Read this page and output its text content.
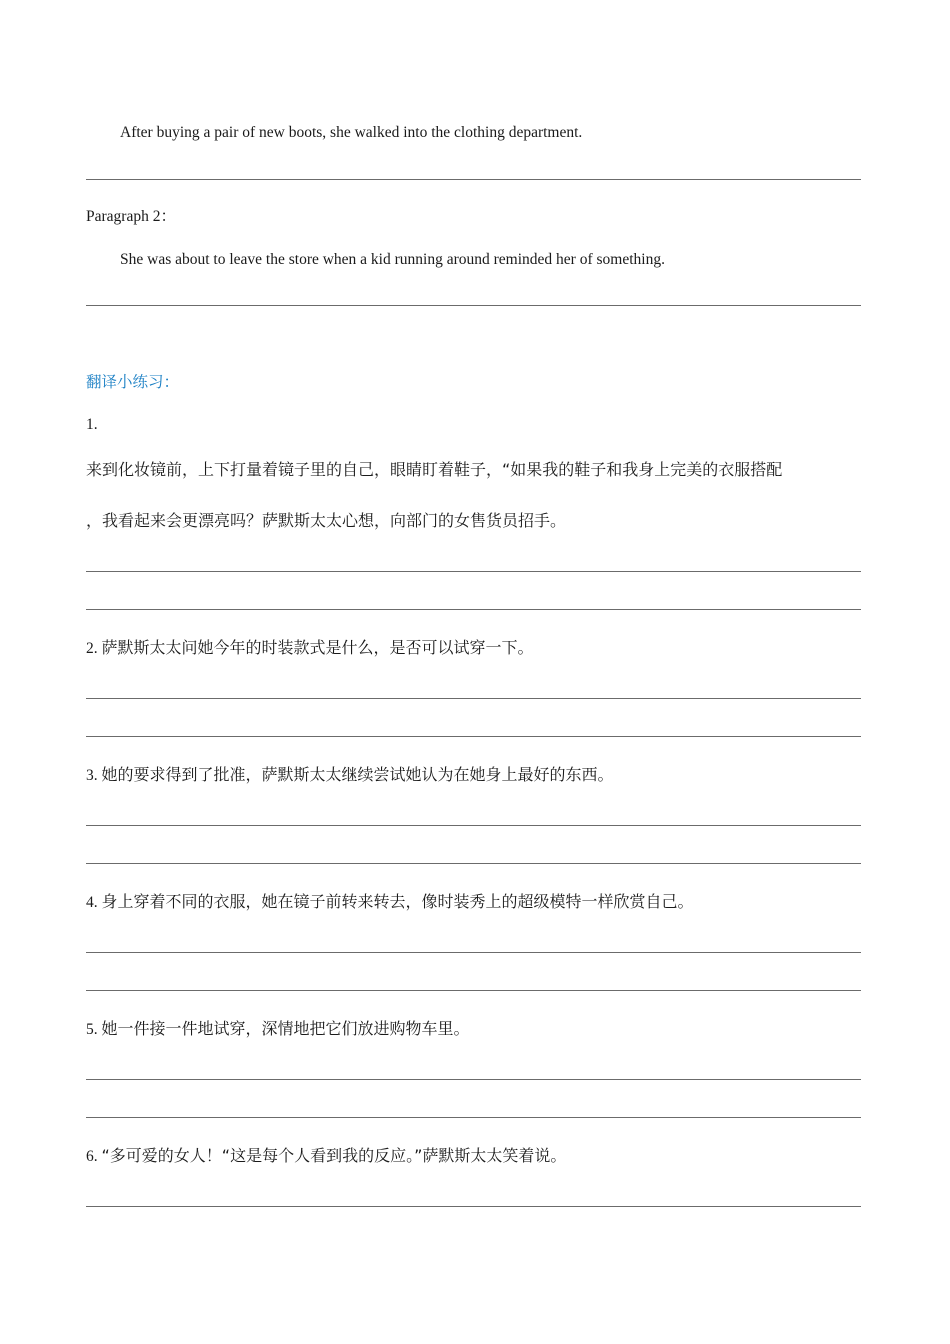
After buying a pair of new boots, she walked into the clothing department.
Paragraph 2：
She was about to leave the store when a kid running around reminded her of something.
翻译小练习：
1.
来到化妆镜前，上下打量着镜子里的自己，眼睛盯着鞋子，“如果我的鞋子和我身上完美的衣服搭配
，我看起来会更漂亮吗？萨默斯太太心想，向部门的女售货员招手。
2. 萨默斯太太问她今年的时装款式是什么，是否可以试穿一下。
3. 她的要求得到了批准，萨默斯太太继续尝试她认为在她身上最好的东西。
4. 身上穿着不同的衣服，她在镜子前转来转去，像时装秀上的超级模特一样欣赏自己。
5. 她一件接一件地试穿，深情地把它们放进购物车里。
6. “多可爱的女人！“这是每个人看到我的反应。”萨默斯太太笑着说。
